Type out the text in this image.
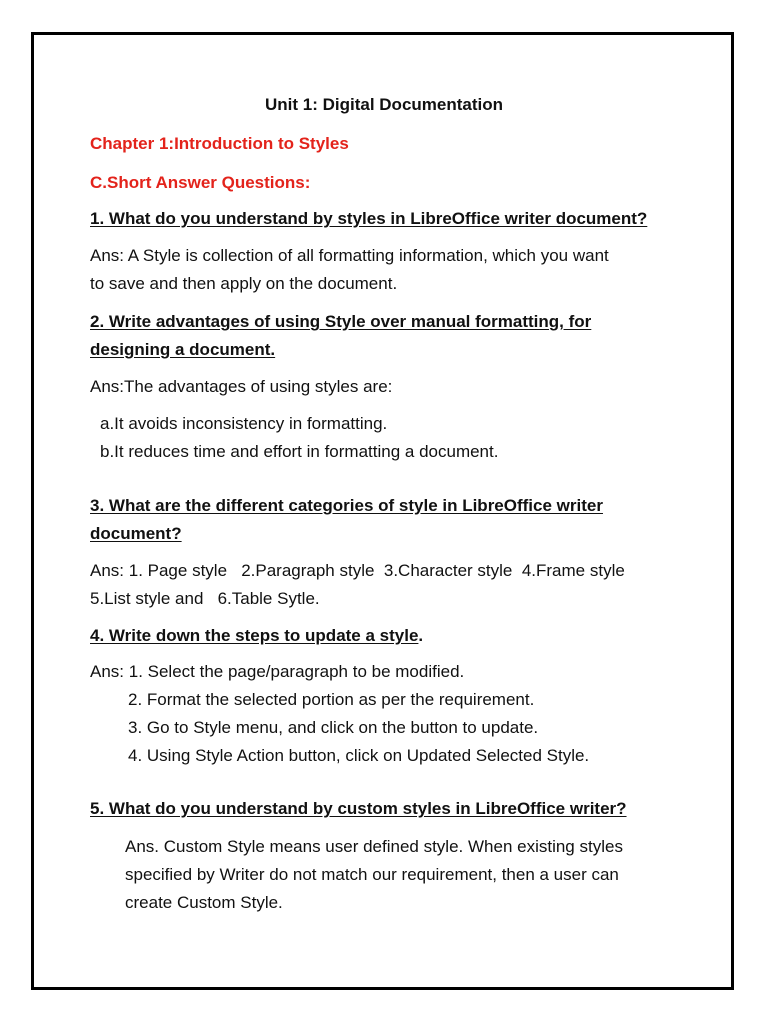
Unit 1: Digital Documentation
Chapter 1:Introduction to Styles
C.Short Answer Questions:
1. What do you understand by styles in LibreOffice writer document?
Ans: A Style is collection of all formatting information, which you want
to save and then apply on the document.
2. Write advantages of using Style over manual formatting, for
designing a document.
Ans:The advantages of using styles are:
a.It avoids inconsistency in formatting.
b.It reduces time and effort in formatting a document.
3. What are the different categories of style in LibreOffice writer
document?
Ans: 1. Page style   2.Paragraph style  3.Character style  4.Frame style
5.List style and   6.Table Sytle.
4. Write down the steps to update a style.
Ans: 1. Select the page/paragraph to be modified.
2. Format the selected portion as per the requirement.
3. Go to Style menu, and click on the button to update.
4. Using Style Action button, click on Updated Selected Style.
5. What do you understand by custom styles in LibreOffice writer?
Ans. Custom Style means user defined style. When existing styles
specified by Writer do not match our requirement, then a user can
create Custom Style.
